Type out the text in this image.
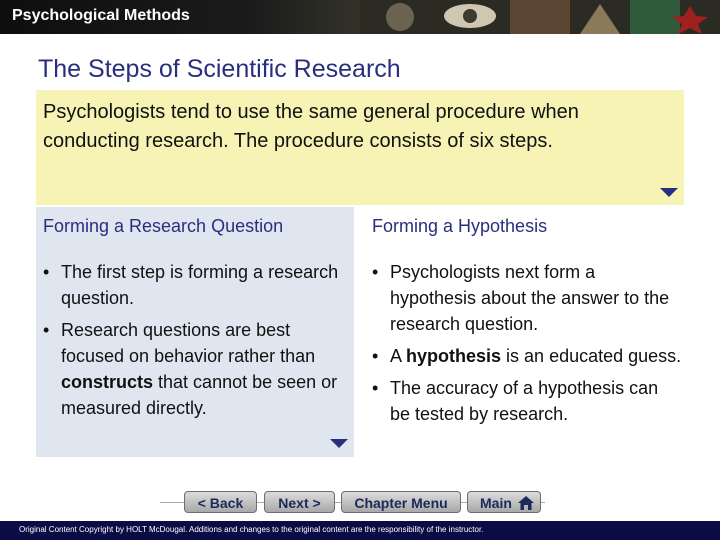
Psychological Methods
The Steps of Scientific Research
Psychologists tend to use the same general procedure when conducting research. The procedure consists of six steps.
Forming a Research Question
• The first step is forming a research question.
• Research questions are best focused on behavior rather than constructs that cannot be seen or measured directly.
Forming a Hypothesis
• Psychologists next form a hypothesis about the answer to the research question.
• A hypothesis is an educated guess.
• The accuracy of a hypothesis can be tested by research.
< Back	Next >	Chapter Menu	Main
Original Content Copyright by HOLT McDougal. Additions and changes to the original content are the responsibility of the instructor.
